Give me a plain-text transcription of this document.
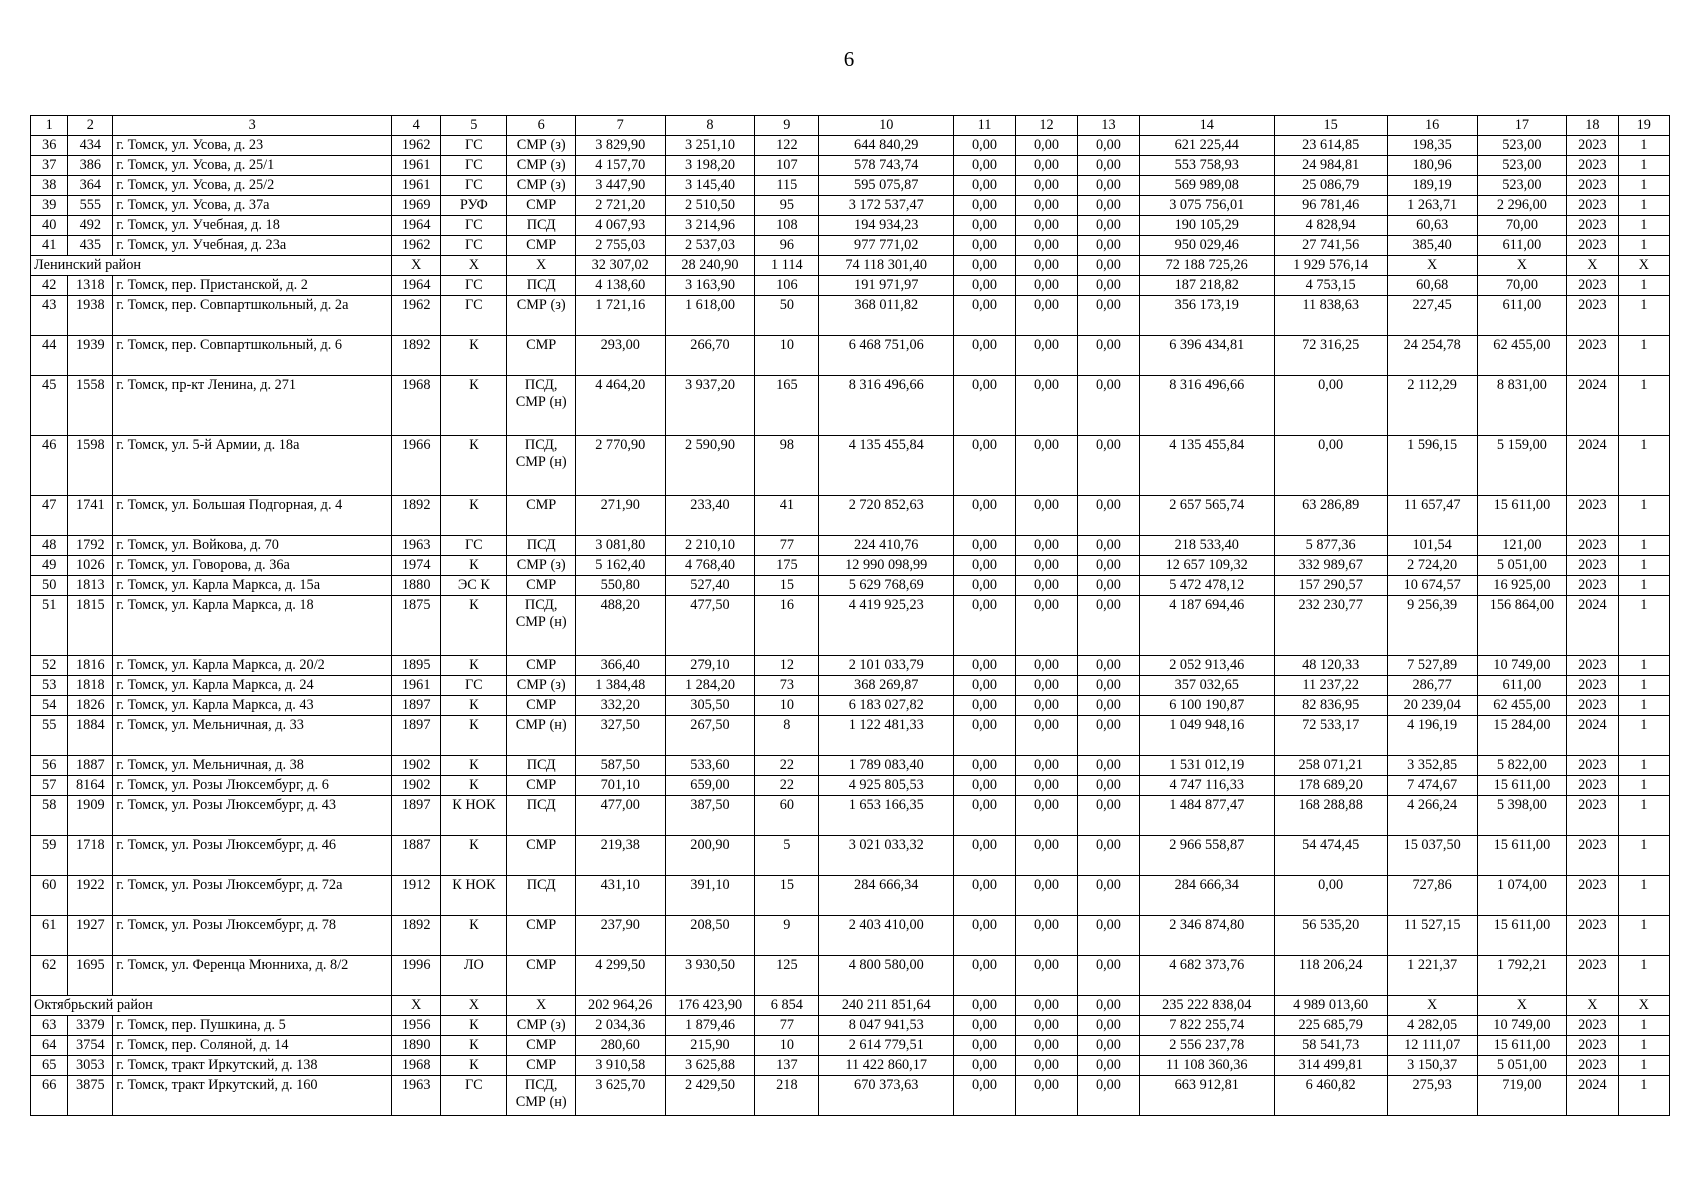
6
1	2	3	4	5	6	7	8	9	10	11	12	13	14	15	16	17	18	19
36	434	г. Томск, ул. Усова, д. 23	1962	ГС	СМР (з)	3 829,90	3 251,10	122	644 840,29	0,00	0,00	0,00	621 225,44	23 614,85	198,35	523,00	2023	1
37	386	г. Томск, ул. Усова, д. 25/1	1961	ГС	СМР (з)	4 157,70	3 198,20	107	578 743,74	0,00	0,00	0,00	553 758,93	24 984,81	180,96	523,00	2023	1
38	364	г. Томск, ул. Усова, д. 25/2	1961	ГС	СМР (з)	3 447,90	3 145,40	115	595 075,87	0,00	0,00	0,00	569 989,08	25 086,79	189,19	523,00	2023	1
39	555	г. Томск, ул. Усова, д. 37а	1969	РУФ	СМР	2 721,20	2 510,50	95	3 172 537,47	0,00	0,00	0,00	3 075 756,01	96 781,46	1 263,71	2 296,00	2023	1
40	492	г. Томск, ул. Учебная, д. 18	1964	ГС	ПСД	4 067,93	3 214,96	108	194 934,23	0,00	0,00	0,00	190 105,29	4 828,94	60,63	70,00	2023	1
41	435	г. Томск, ул. Учебная, д. 23а	1962	ГС	СМР	2 755,03	2 537,03	96	977 771,02	0,00	0,00	0,00	950 029,46	27 741,56	385,40	611,00	2023	1
Ленинский район			X	X	X	32 307,02	28 240,90	1 114	74 118 301,40	0,00	0,00	0,00	72 188 725,26	1 929 576,14	X	X	X	X
42	1318	г. Томск, пер. Пристанской, д. 2	1964	ГС	ПСД	4 138,60	3 163,90	106	191 971,97	0,00	0,00	0,00	187 218,82	4 753,15	60,68	70,00	2023	1
43	1938	г. Томск, пер. Совпартшкольный, д. 2а	1962	ГС	СМР (з)	1 721,16	1 618,00	50	368 011,82	0,00	0,00	0,00	356 173,19	11 838,63	227,45	611,00	2023	1
44	1939	г. Томск, пер. Совпартшкольный, д. 6	1892	К	СМР	293,00	266,70	10	6 468 751,06	0,00	0,00	0,00	6 396 434,81	72 316,25	24 254,78	62 455,00	2023	1
45	1558	г. Томск, пр-кт Ленина, д. 271	1968	К	ПСД, СМР (н)	4 464,20	3 937,20	165	8 316 496,66	0,00	0,00	0,00	8 316 496,66	0,00	2 112,29	8 831,00	2024	1
46	1598	г. Томск, ул. 5-й Армии, д. 18а	1966	К	ПСД, СМР (н)	2 770,90	2 590,90	98	4 135 455,84	0,00	0,00	0,00	4 135 455,84	0,00	1 596,15	5 159,00	2024	1
47	1741	г. Томск, ул. Большая Подгорная, д. 4	1892	К	СМР	271,90	233,40	41	2 720 852,63	0,00	0,00	0,00	2 657 565,74	63 286,89	11 657,47	15 611,00	2023	1
48	1792	г. Томск, ул. Войкова, д. 70	1963	ГС	ПСД	3 081,80	2 210,10	77	224 410,76	0,00	0,00	0,00	218 533,40	5 877,36	101,54	121,00	2023	1
49	1026	г. Томск, ул. Говорова, д. 36а	1974	К	СМР (з)	5 162,40	4 768,40	175	12 990 098,99	0,00	0,00	0,00	12 657 109,32	332 989,67	2 724,20	5 051,00	2023	1
50	1813	г. Томск, ул. Карла Маркса, д. 15а	1880	ЭС К	СМР	550,80	527,40	15	5 629 768,69	0,00	0,00	0,00	5 472 478,12	157 290,57	10 674,57	16 925,00	2023	1
51	1815	г. Томск, ул. Карла Маркса, д. 18	1875	К	ПСД, СМР (н)	488,20	477,50	16	4 419 925,23	0,00	0,00	0,00	4 187 694,46	232 230,77	9 256,39	156 864,00	2024	1
52	1816	г. Томск, ул. Карла Маркса, д. 20/2	1895	К	СМР	366,40	279,10	12	2 101 033,79	0,00	0,00	0,00	2 052 913,46	48 120,33	7 527,89	10 749,00	2023	1
53	1818	г. Томск, ул. Карла Маркса, д. 24	1961	ГС	СМР (з)	1 384,48	1 284,20	73	368 269,87	0,00	0,00	0,00	357 032,65	11 237,22	286,77	611,00	2023	1
54	1826	г. Томск, ул. Карла Маркса, д. 43	1897	К	СМР	332,20	305,50	10	6 183 027,82	0,00	0,00	0,00	6 100 190,87	82 836,95	20 239,04	62 455,00	2023	1
55	1884	г. Томск, ул. Мельничная, д. 33	1897	К	СМР (н)	327,50	267,50	8	1 122 481,33	0,00	0,00	0,00	1 049 948,16	72 533,17	4 196,19	15 284,00	2024	1
56	1887	г. Томск, ул. Мельничная, д. 38	1902	К	ПСД	587,50	533,60	22	1 789 083,40	0,00	0,00	0,00	1 531 012,19	258 071,21	3 352,85	5 822,00	2023	1
57	8164	г. Томск, ул. Розы Люксембург, д. 6	1902	К	СМР	701,10	659,00	22	4 925 805,53	0,00	0,00	0,00	4 747 116,33	178 689,20	7 474,67	15 611,00	2023	1
58	1909	г. Томск, ул. Розы Люксембург, д. 43	1897	К НОК	ПСД	477,00	387,50	60	1 653 166,35	0,00	0,00	0,00	1 484 877,47	168 288,88	4 266,24	5 398,00	2023	1
59	1718	г. Томск, ул. Розы Люксембург, д. 46	1887	К	СМР	219,38	200,90	5	3 021 033,32	0,00	0,00	0,00	2 966 558,87	54 474,45	15 037,50	15 611,00	2023	1
60	1922	г. Томск, ул. Розы Люксембург, д. 72а	1912	К НОК	ПСД	431,10	391,10	15	284 666,34	0,00	0,00	0,00	284 666,34	0,00	727,86	1 074,00	2023	1
61	1927	г. Томск, ул. Розы Люксембург, д. 78	1892	К	СМР	237,90	208,50	9	2 403 410,00	0,00	0,00	0,00	2 346 874,80	56 535,20	11 527,15	15 611,00	2023	1
62	1695	г. Томск, ул. Ференца Мюнниха, д. 8/2	1996	ЛО	СМР	4 299,50	3 930,50	125	4 800 580,00	0,00	0,00	0,00	4 682 373,76	118 206,24	1 221,37	1 792,21	2023	1
Октябрьский район			X	X	X	202 964,26	176 423,90	6 854	240 211 851,64	0,00	0,00	0,00	235 222 838,04	4 989 013,60	X	X	X	X
63	3379	г. Томск, пер. Пушкина, д. 5	1956	К	СМР (з)	2 034,36	1 879,46	77	8 047 941,53	0,00	0,00	0,00	7 822 255,74	225 685,79	4 282,05	10 749,00	2023	1
64	3754	г. Томск, пер. Соляной, д. 14	1890	К	СМР	280,60	215,90	10	2 614 779,51	0,00	0,00	0,00	2 556 237,78	58 541,73	12 111,07	15 611,00	2023	1
65	3053	г. Томск, тракт Иркутский, д. 138	1968	К	СМР	3 910,58	3 625,88	137	11 422 860,17	0,00	0,00	0,00	11 108 360,36	314 499,81	3 150,37	5 051,00	2023	1
66	3875	г. Томск, тракт Иркутский, д. 160	1963	ГС	ПСД, СМР (н)	3 625,70	2 429,50	218	670 373,63	0,00	0,00	0,00	663 912,81	6 460,82	275,93	719,00	2024	1
